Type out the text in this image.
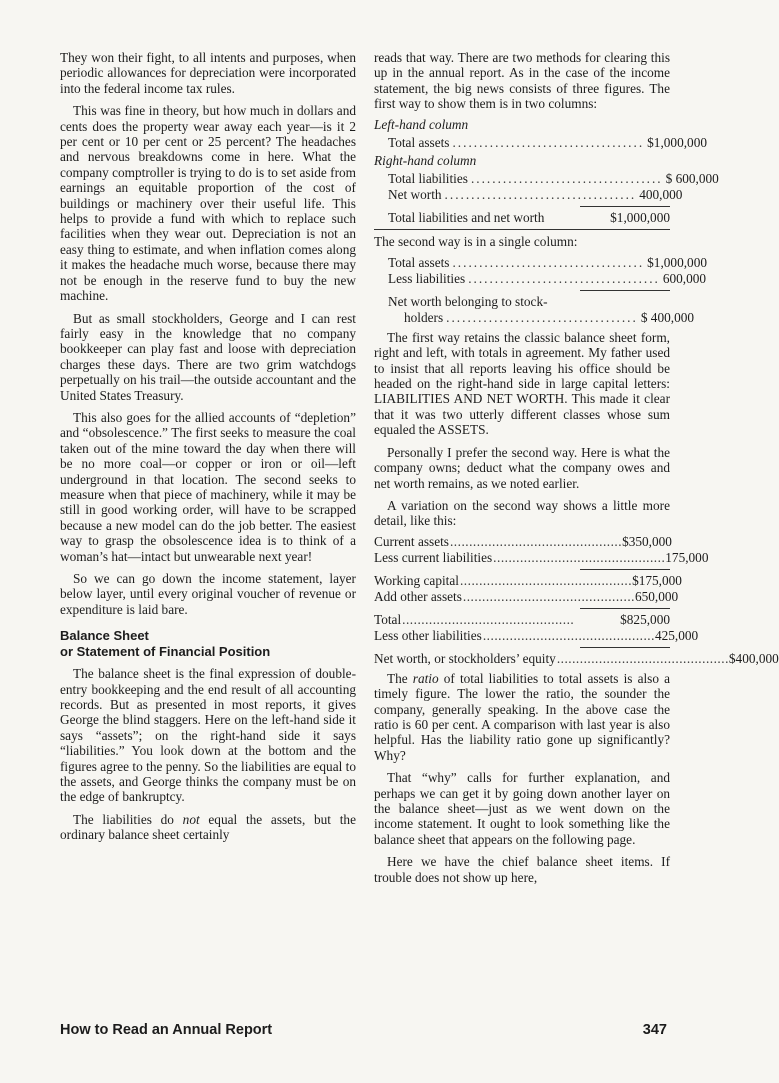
They won their fight, to all intents and purposes, when periodic allowances for depreciation were incorporated into the federal income tax rules.

This was fine in theory, but how much in dollars and cents does the property wear away each year—is it 2 per cent or 10 per cent or 25 percent? The headaches and nervous breakdowns come in here. What the company comptroller is trying to do is to set aside from earnings an equitable proportion of the cost of buildings or machinery over their useful life. This helps to provide a fund with which to replace such facilities when they wear out. Depreciation is not an easy thing to estimate, and when inflation comes along it makes the headache much worse, because there may not be enough in the reserve fund to buy the new machine.

But as small stockholders, George and I can rest fairly easy in the knowledge that no company bookkeeper can play fast and loose with depreciation charges these days. There are two grim watchdogs perpetually on his trail—the outside accountant and the United States Treasury.

This also goes for the allied accounts of “depletion” and “obsolescence.” The first seeks to measure the coal taken out of the mine toward the day when there will be no more coal—or copper or iron or oil—left underground in that location. The second seeks to measure when that piece of machinery, while it may be still in good working order, will have to be scrapped because a new model can do the job better. The easiest way to grasp the obsolescence idea is to think of a woman’s hat—intact but unwearable next year!

So we can go down the income statement, layer below layer, until every original voucher of revenue or expenditure is laid bare.

Balance Sheet
or Statement of Financial Position

The balance sheet is the final expression of double-entry bookkeeping and the end result of all accounting records. But as presented in most reports, it gives George the blind staggers. Here on the left-hand side it says “assets”; on the right-hand side it says “liabilities.” You look down at the bottom and the figures agree to the penny. So the liabilities are equal to the assets, and George thinks the company must be on the edge of bankruptcy.

The liabilities do not equal the assets, but the ordinary balance sheet certainly

reads that way. There are two methods for clearing this up in the annual report. As in the case of the income statement, the big news consists of three figures. The first way to show them is in two columns:

Left-hand column
Total assets .................................... $1,000,000
Right-hand column
Total liabilities .................................... $ 600,000
Net worth .................................... 400,000
Total liabilities and net worth	$1,000,000

The second way is in a single column:

Total assets .................................... $1,000,000
Less liabilities .................................... 600,000
Net worth belonging to stock-
holders .................................... $ 400,000

The first way retains the classic balance sheet form, right and left, with totals in agreement. My father used to insist that all reports leaving his office should be headed on the right-hand side in large capital letters: LIABILITIES AND NET WORTH. This made it clear that it was two utterly different classes whose sum equaled the ASSETS.

Personally I prefer the second way. Here is what the company owns; deduct what the company owes and net worth remains, as we noted earlier.

A variation on the second way shows a little more detail, like this:

Current assets ............................................. $350,000
Less current liabilities ............................................. 175,000
Working capital ............................................. $175,000
Add other assets ............................................. 650,000
Total .............................................	$825,000
Less other liabilities ............................................. 425,000
Net worth, or stockholders’ equity ............................................. $400,000

The ratio of total liabilities to total assets is also a timely figure. The lower the ratio, the sounder the company, generally speaking. In the above case the ratio is 60 per cent. A comparison with last year is also helpful. Has the liability ratio gone up significantly? Why?

That “why” calls for further explanation, and perhaps we can get it by going down another layer on the balance sheet—just as we went down on the income statement. It ought to look something like the balance sheet that appears on the following page.

Here we have the chief balance sheet items. If trouble does not show up here,

How to Read an Annual Report	347
